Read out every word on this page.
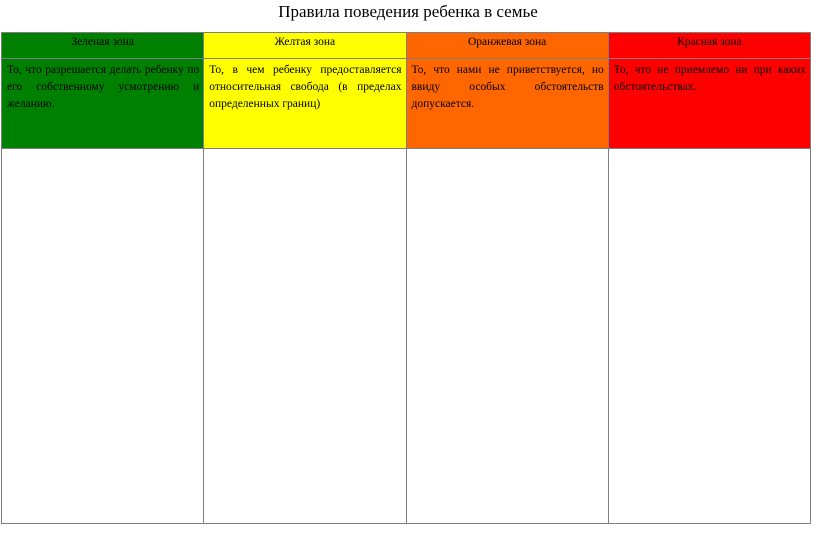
Правила поведения ребенка в семье
Зеленая зона	Желтая зона	Оранжевая зона	Красная зона
То, что разрешается делать ребенку по его собственному усмотрению и желанию.	То, в чем ребенку предоставляется относительная свобода (в пределах определенных границ)	То, что нами не приветствуется, но ввиду особых обстоятельств допускается.	То, что не приемлемо ни при каких обстоятельствах.
